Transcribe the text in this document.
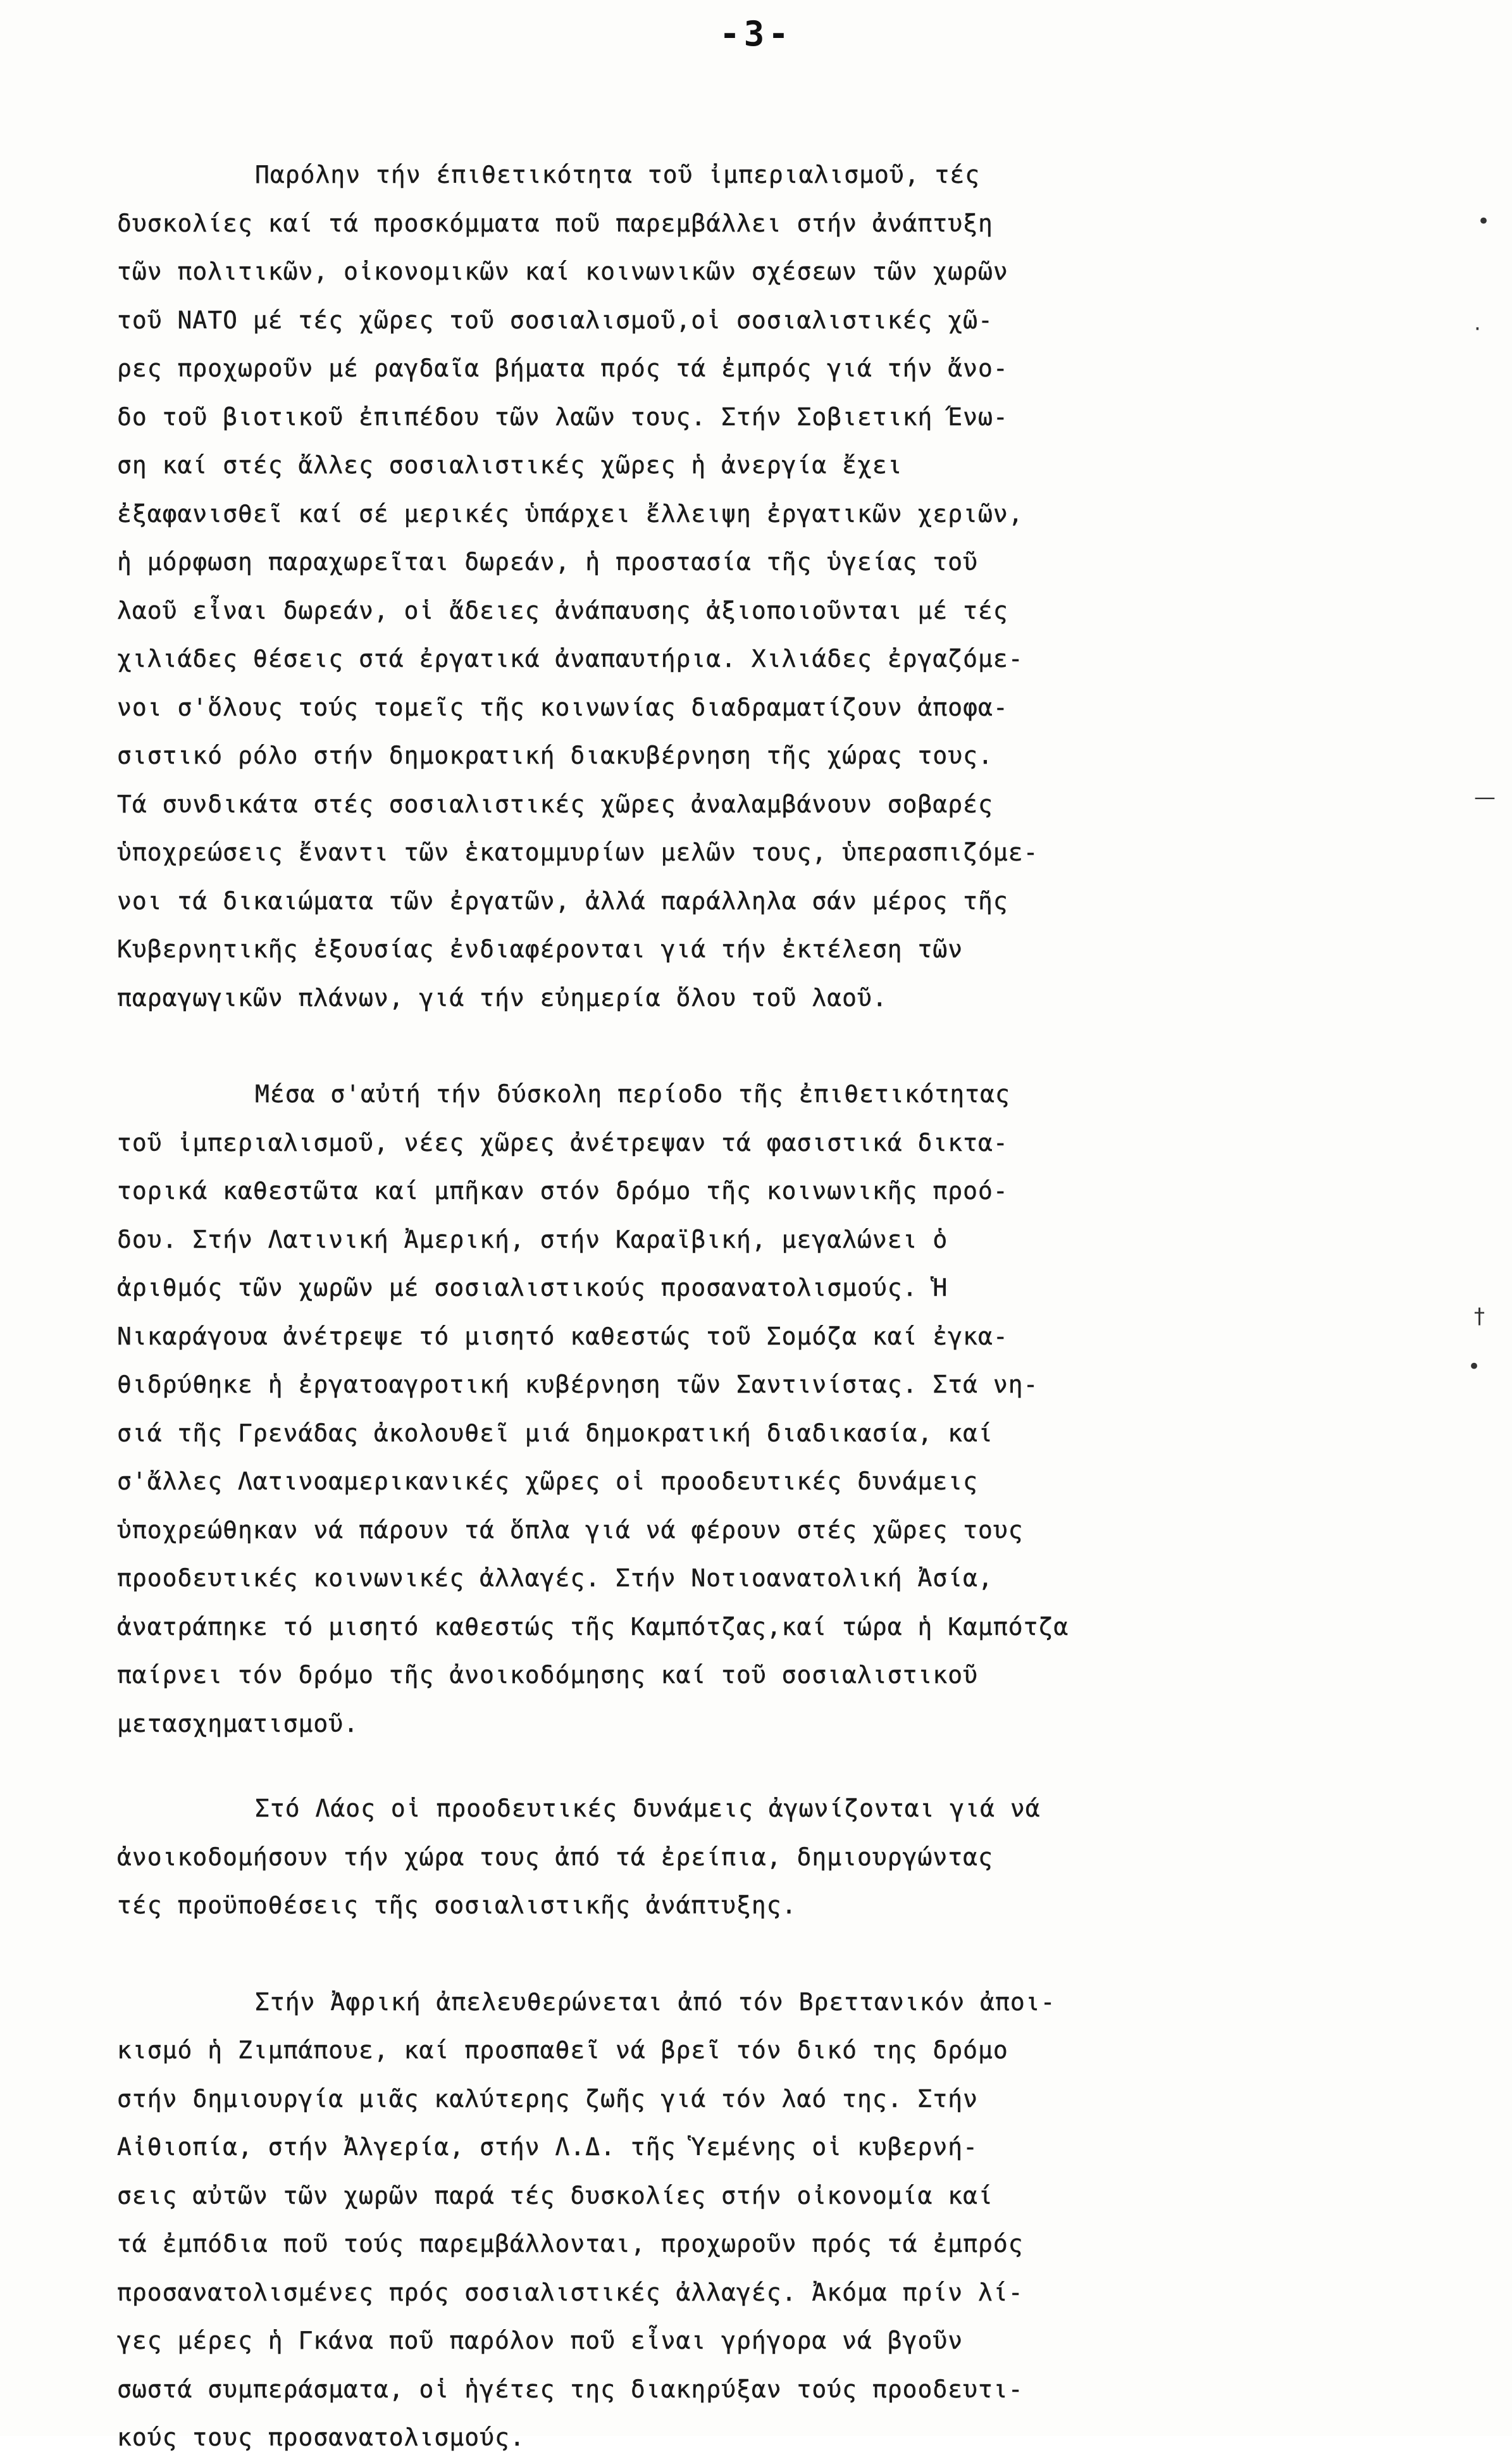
-3-
Παρόλην τήν έπιθετικότητα τοῦ ἰμπεριαλισμοῦ, τές
δυσκολίες καί τά προσκόμματα ποῦ παρεμβάλλει στήν ἀνάπτυξη
τῶν πολιτικῶν, οἰκονομικῶν καί κοινωνικῶν σχέσεων τῶν χωρῶν
τοῦ ΝΑΤΟ μέ τές χῶρες τοῦ σοσιαλισμοῦ,οἱ σοσιαλιστικές χῶ-
ρες προχωροῦν μέ ραγδαῖα βήματα πρός τά ἐμπρός γιά τήν ἄνο-
δο τοῦ βιοτικοῦ ἐπιπέδου τῶν λαῶν τους. Στήν Σοβιετική Ένω-
ση καί στές ἄλλες σοσιαλιστικές χῶρες ἡ ἀνεργία ἔχει
ἐξαφανισθεῖ καί σέ μερικές ὑπάρχει ἔλλειψη ἐργατικῶν χεριῶν,
ἡ μόρφωση παραχωρεῖται δωρεάν, ἡ προστασία τῆς ὑγείας τοῦ
λαοῦ εἶναι δωρεάν, οἱ ἄδειες ἀνάπαυσης ἀξιοποιοῦνται μέ τές
χιλιάδες θέσεις στά ἐργατικά ἀναπαυτήρια. Χιλιάδες ἐργαζόμε-
νοι σ'ὅλους τούς τομεῖς τῆς κοινωνίας διαδραματίζουν ἀποφα-
σιστικό ρόλο στήν δημοκρατική διακυβέρνηση τῆς χώρας τους.
Τά συνδικάτα στές σοσιαλιστικές χῶρες ἀναλαμβάνουν σοβαρές
ὑποχρεώσεις ἔναντι τῶν ἑκατομμυρίων μελῶν τους, ὑπερασπιζόμε-
νοι τά δικαιώματα τῶν ἐργατῶν, ἀλλά παράλληλα σάν μέρος τῆς
Κυβερνητικῆς ἐξουσίας ἐνδιαφέρονται γιά τήν ἐκτέλεση τῶν
παραγωγικῶν πλάνων, γιά τήν εὐημερία ὅλου τοῦ λαοῦ.
Μέσα σ'αὐτή τήν δύσκολη περίοδο τῆς ἐπιθετικότητας
τοῦ ἰμπεριαλισμοῦ, νέες χῶρες ἀνέτρεψαν τά φασιστικά δικτα-
τορικά καθεστῶτα καί μπῆκαν στόν δρόμο τῆς κοινωνικῆς προό-
δου. Στήν Λατινική Ἀμερική, στήν Καραϊβική, μεγαλώνει ὁ
ἀριθμός τῶν χωρῶν μέ σοσιαλιστικούς προσανατολισμούς. Ἡ
Νικαράγουα ἀνέτρεψε τό μισητό καθεστώς τοῦ Σομόζα καί ἐγκα-
θιδρύθηκε ἡ ἐργατοαγροτική κυβέρνηση τῶν Σαντινίστας. Στά νη-
σιά τῆς Γρενάδας ἀκολουθεῖ μιά δημοκρατική διαδικασία, καί
σ'ἄλλες Λατινοαμερικανικές χῶρες οἱ προοδευτικές δυνάμεις
ὑποχρεώθηκαν νά πάρουν τά ὅπλα γιά νά φέρουν στές χῶρες τους
προοδευτικές κοινωνικές ἀλλαγές. Στήν Νοτιοανατολική Ἀσία,
ἀνατράπηκε τό μισητό καθεστώς τῆς Καμπότζας,καί τώρα ἡ Καμπότζα
παίρνει τόν δρόμο τῆς ἀνοικοδόμησης καί τοῦ σοσιαλιστικοῦ
μετασχηματισμοῦ.
Στό Λάος οἱ προοδευτικές δυνάμεις ἀγωνίζονται γιά νά
ἀνοικοδομήσουν τήν χώρα τους ἀπό τά ἐρείπια, δημιουργώντας
τές προϋποθέσεις τῆς σοσιαλιστικῆς ἀνάπτυξης.
Στήν Ἀφρική ἀπελευθερώνεται ἀπό τόν Βρεττανικόν ἀποι-
κισμό ἡ Ζιμπάπουε, καί προσπαθεῖ νά βρεῖ τόν δικό της δρόμο
στήν δημιουργία μιᾶς καλύτερης ζωῆς γιά τόν λαό της. Στήν
Αἰθιοπία, στήν Ἀλγερία, στήν Λ.Δ. τῆς Ὑεμένης οἱ κυβερνή-
σεις αὐτῶν τῶν χωρῶν παρά τές δυσκολίες στήν οἰκονομία καί
τά ἐμπόδια ποῦ τούς παρεμβάλλονται, προχωροῦν πρός τά ἐμπρός
προσανατολισμένες πρός σοσιαλιστικές ἀλλαγές. Ἀκόμα πρίν λί-
γες μέρες ἡ Γκάνα ποῦ παρόλον ποῦ εἶναι γρήγορα νά βγοῦν
σωστά συμπεράσματα, οἱ ἡγέτες της διακηρύξαν τούς προοδευτι-
κούς τους προσανατολισμούς.
•
·
—
†
•
